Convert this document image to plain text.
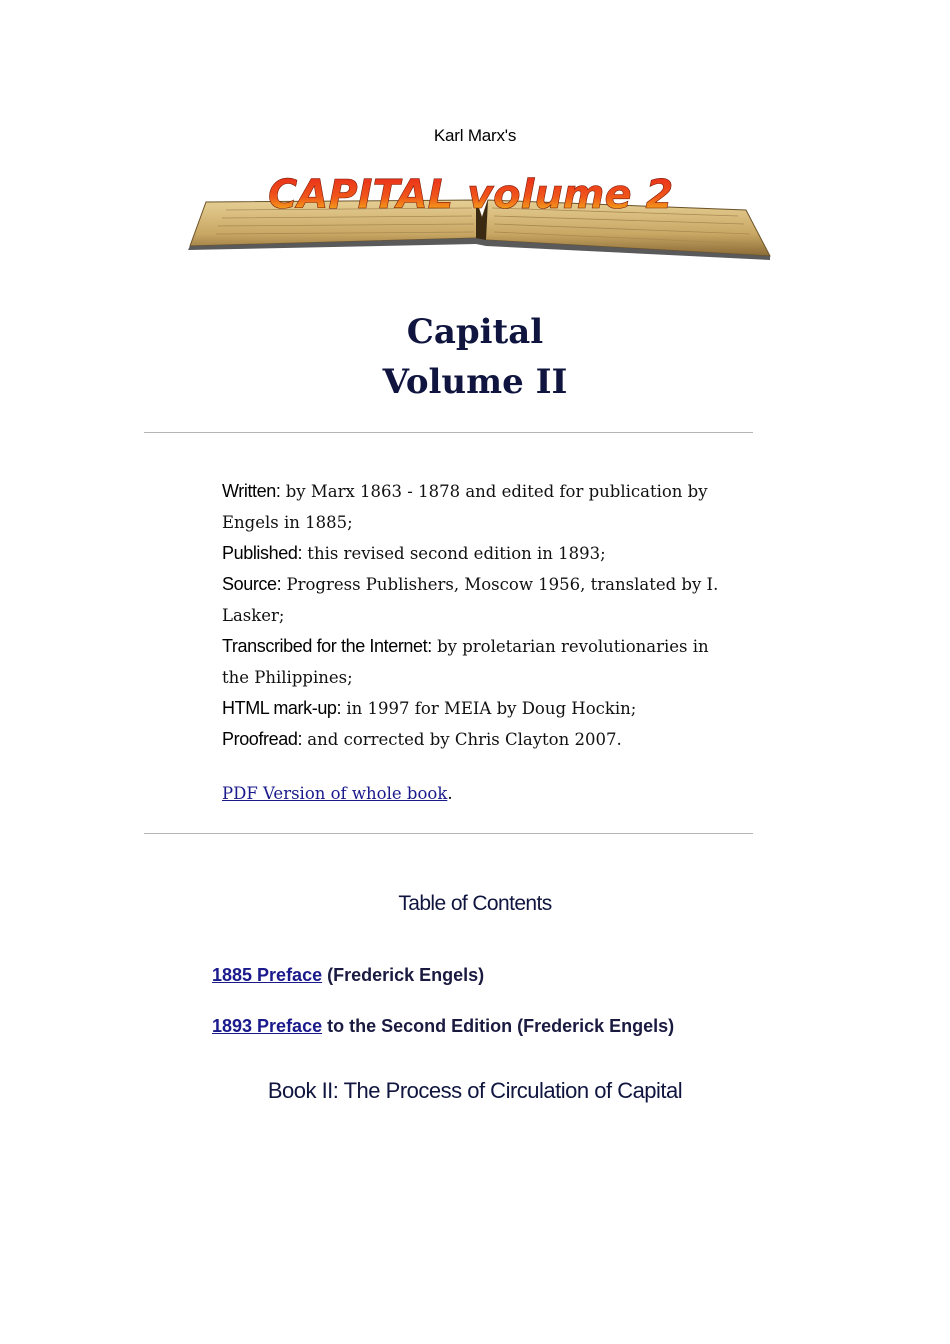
Karl Marx's
CAPITAL volume 2
Capital
Volume II
Written: by Marx 1863 - 1878 and edited for publication by Engels in 1885;
Published: this revised second edition in 1893;
Source: Progress Publishers, Moscow 1956, translated by I. Lasker;
Transcribed for the Internet: by proletarian revolutionaries in the Philippines;
HTML mark-up: in 1997 for MEIA by Doug Hockin;
Proofread: and corrected by Chris Clayton 2007.
PDF Version of whole book.
Table of Contents
1885 Preface (Frederick Engels)
1893 Preface to the Second Edition (Frederick Engels)
Book II: The Process of Circulation of Capital
